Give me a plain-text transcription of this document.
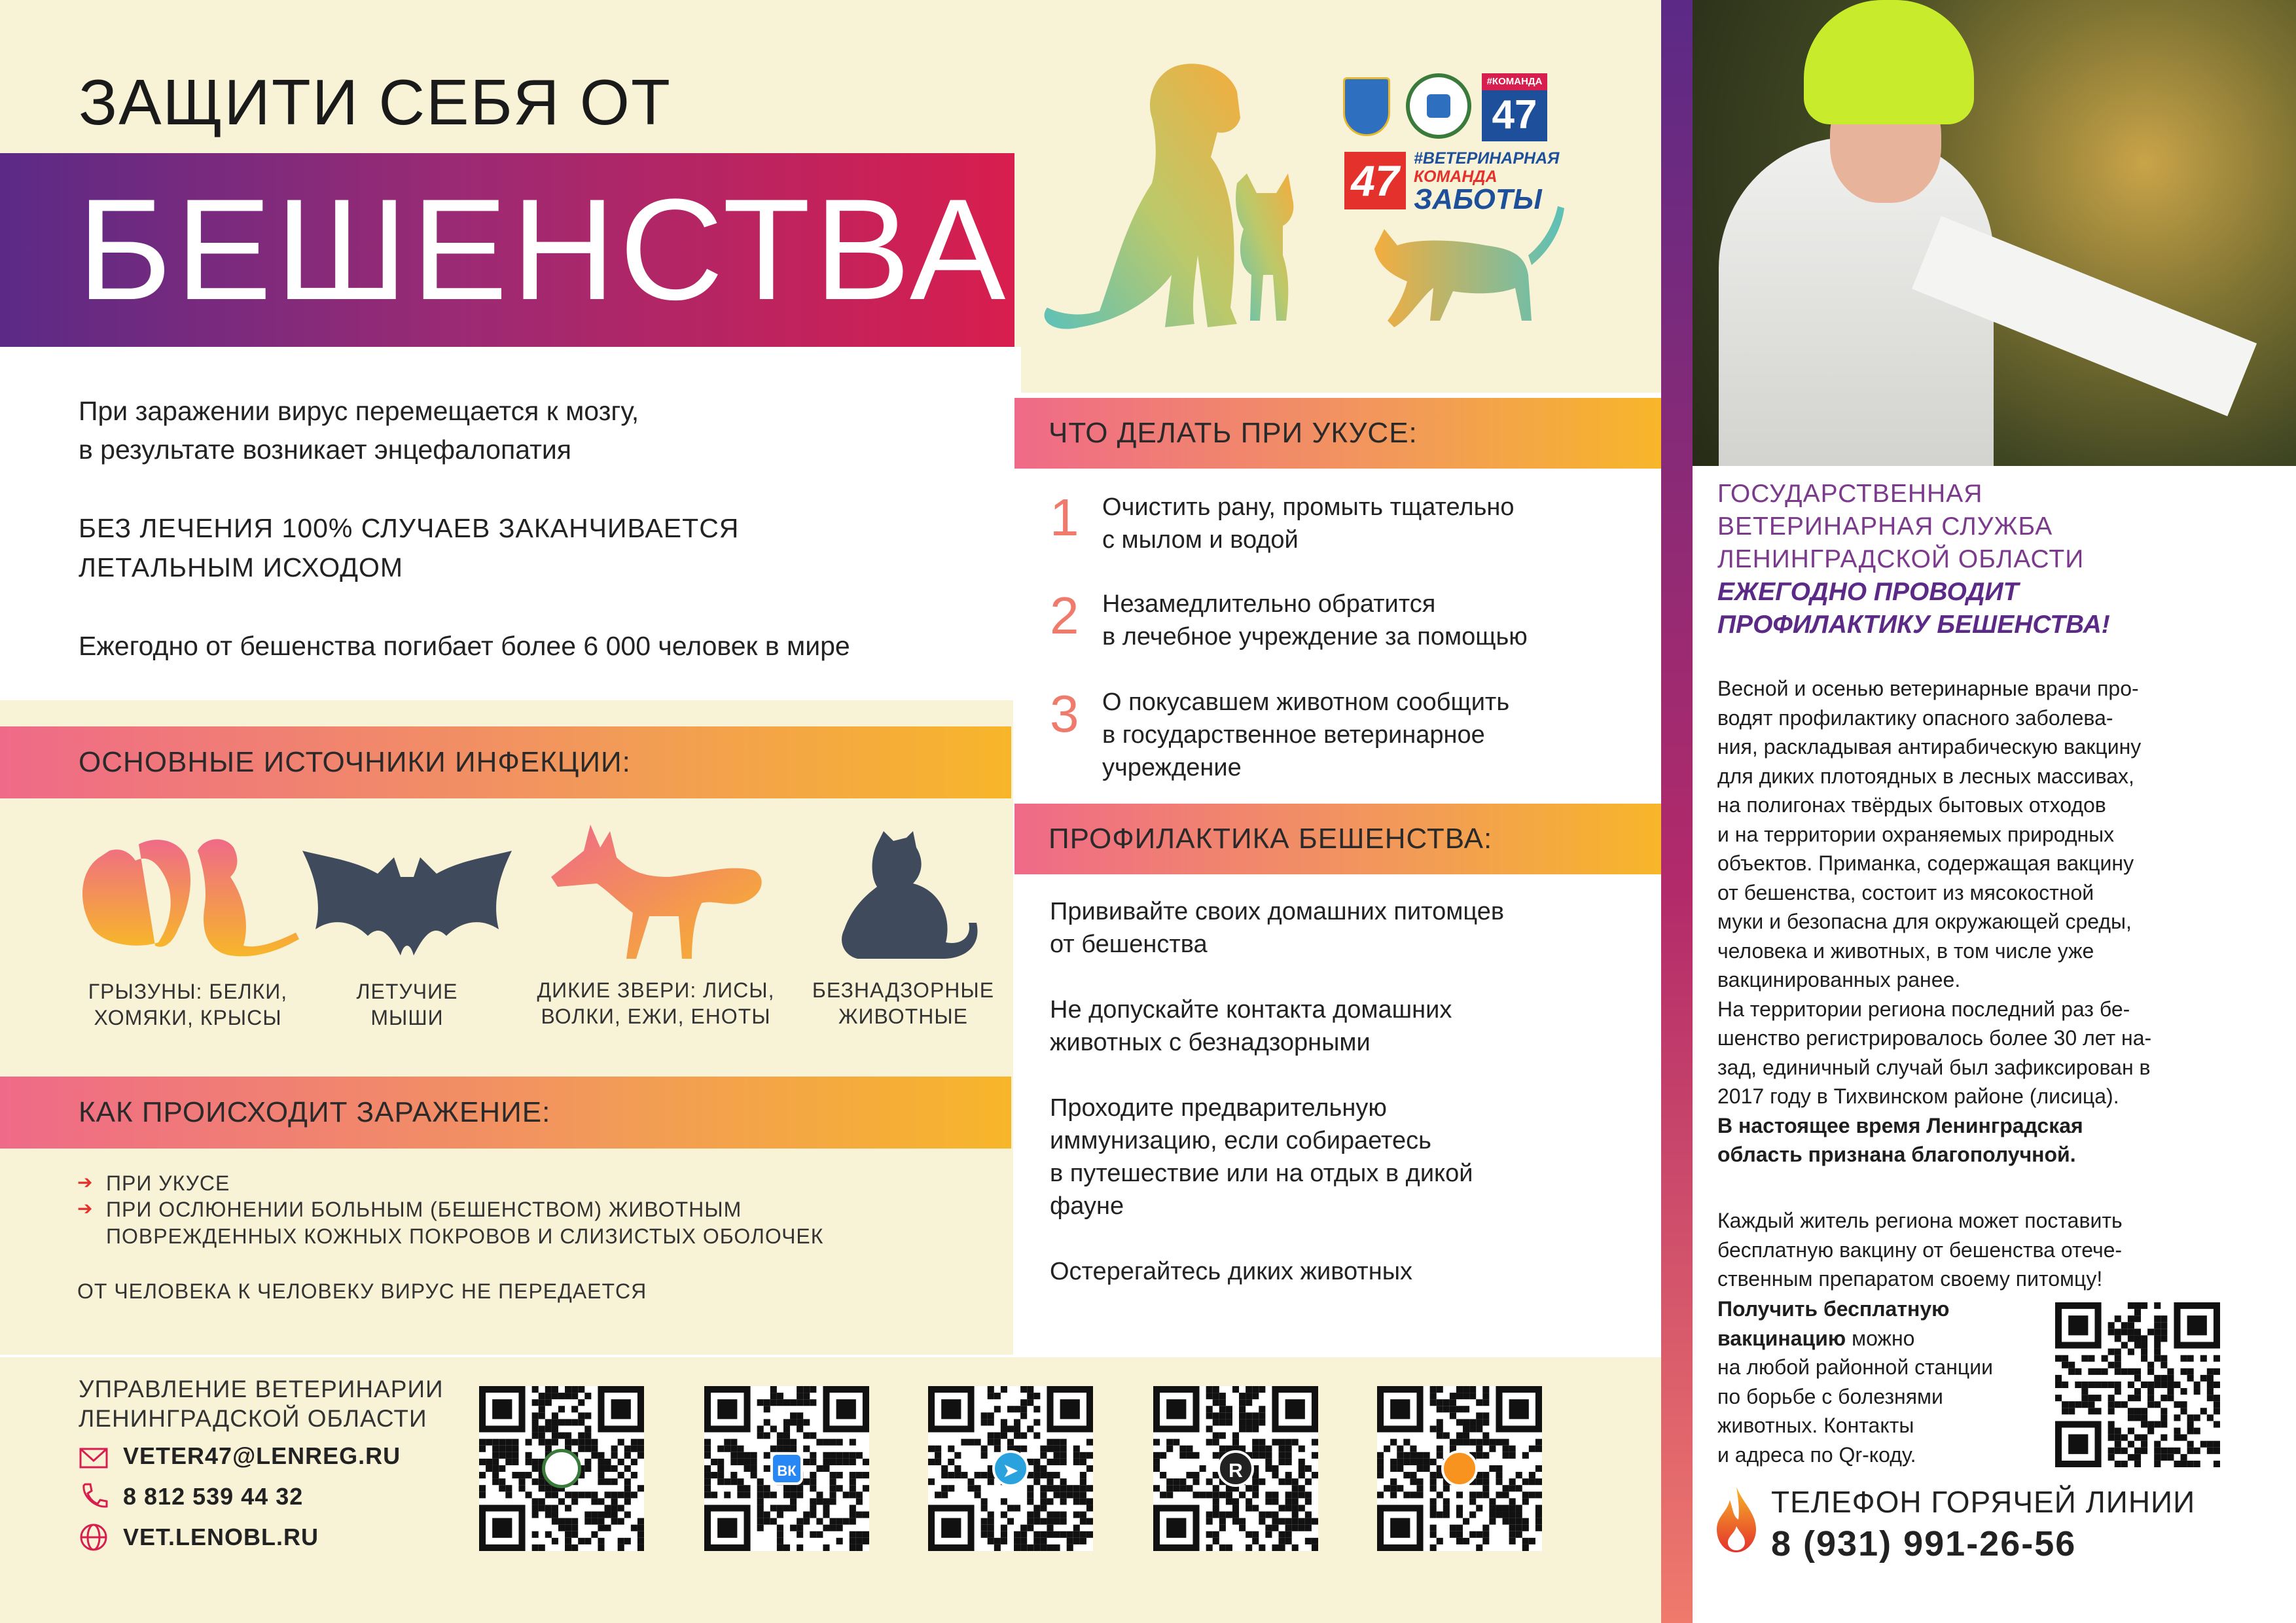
ЗАЩИТИ СЕБЯ ОТ
БЕШЕНСТВА
#КОМАНДА
47
47 #ВЕТЕРИНАРНАЯ
КОМАНДА
ЗАБОТЫ
При заражении вирус перемещается к мозгу,
в результате возникает энцефалопатия
БЕЗ ЛЕЧЕНИЯ 100% СЛУЧАЕВ ЗАКАНЧИВАЕТСЯ
ЛЕТАЛЬНЫМ ИСХОДОМ
Ежегодно от бешенства погибает более 6 000 человек в мире
ОСНОВНЫЕ ИСТОЧНИКИ ИНФЕКЦИИ:
ГРЫЗУНЫ: БЕЛКИ,
ХОМЯКИ, КРЫСЫ
ЛЕТУЧИЕ
МЫШИ
ДИКИЕ ЗВЕРИ: ЛИСЫ,
ВОЛКИ, ЕЖИ, ЕНОТЫ
БЕЗНАДЗОРНЫЕ
ЖИВОТНЫЕ
КАК ПРОИСХОДИТ ЗАРАЖЕНИЕ:
➔ ПРИ УКУСЕ
➔ ПРИ ОСЛЮНЕНИИ БОЛЬНЫМ (БЕШЕНСТВОМ) ЖИВОТНЫМ
ПОВРЕЖДЕННЫХ КОЖНЫХ ПОКРОВОВ И СЛИЗИСТЫХ ОБОЛОЧЕК
ОТ ЧЕЛОВЕКА К ЧЕЛОВЕКУ ВИРУС НЕ ПЕРЕДАЕТСЯ
ЧТО ДЕЛАТЬ ПРИ УКУСЕ:
1 Очистить рану, промыть тщательно
с мылом и водой
2 Незамедлительно обратится
в лечебное учреждение за помощью
3 О покусавшем животном сообщить
в государственное ветеринарное
учреждение
ПРОФИЛАКТИКА БЕШЕНСТВА:
Прививайте своих домашних питомцев
от бешенства
Не допускайте контакта домашних
животных с безнадзорными
Проходите предварительную
иммунизацию, если собираетесь
в путешествие или на отдых в дикой
фауне
Остерегайтесь диких животных
ГОСУДАРСТВЕННАЯ
ВЕТЕРИНАРНАЯ СЛУЖБА
ЛЕНИНГРАДСКОЙ ОБЛАСТИ
ЕЖЕГОДНО ПРОВОДИТ
ПРОФИЛАКТИКУ БЕШЕНСТВА!
Весной и осенью ветеринарные врачи про-
водят профилактику опасного заболева-
ния, раскладывая антирабическую вакцину
для диких плотоядных в лесных массивах,
на полигонах твёрдых бытовых отходов
и на территории охраняемых природных
объектов. Приманка, содержащая вакцину
от бешенства, состоит из мясокостной
муки и безопасна для окружающей среды,
человека и животных, в том числе уже
вакцинированных ранее.
На территории региона последний раз бе-
шенство регистрировалось более 30 лет на-
зад, единичный случай был зафиксирован в
2017 году в Тихвинском районе (лисица).
В настоящее время Ленинградская
область признана благополучной.
Каждый житель региона может поставить
бесплатную вакцину от бешенства отече-
ственным препаратом своему питомцу!
Получить бесплатную
вакцинацию можно
на любой районной станции
по борьбе с болезнями
животных. Контакты
и адреса по Qr-коду.
ТЕЛЕФОН ГОРЯЧЕЙ ЛИНИИ
8 (931) 991-26-56
УПРАВЛЕНИЕ ВЕТЕРИНАРИИ
ЛЕНИНГРАДСКОЙ ОБЛАСТИ
VETER47@LENREG.RU
8 812 539 44 32
VET.LENOBL.RU
ВК	➤	R
